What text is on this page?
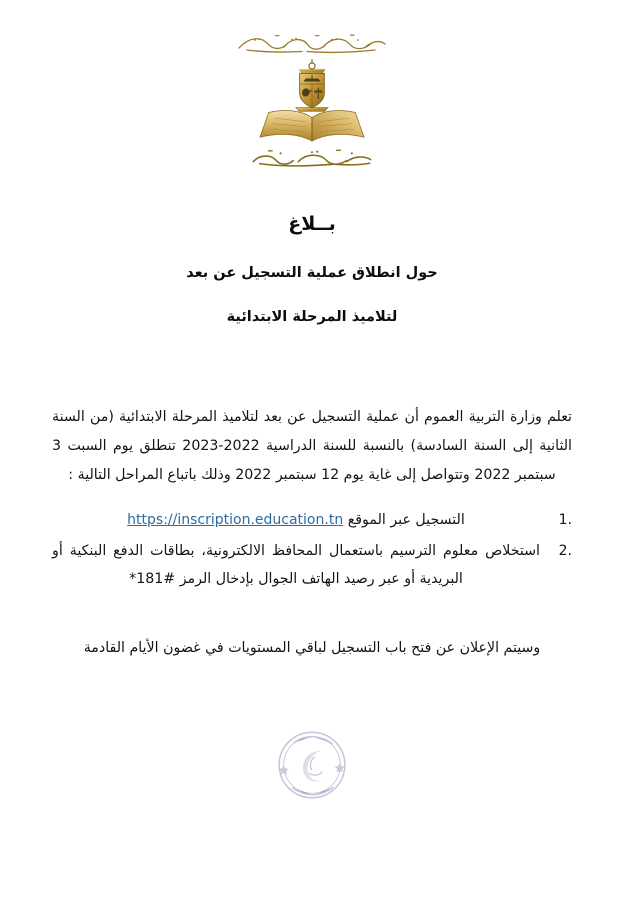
بــلاغ
حول انطلاق عملية التسجيل عن بعد
لتلاميذ المرحلة الابتدائية

تعلم وزارة التربية العموم أن عملية التسجيل عن بعد لتلاميذ المرحلة الابتدائية (من السنة الثانية إلى السنة السادسة) بالنسبة للسنة الدراسية 2022-2023 تنطلق يوم السبت 3 سبتمبر 2022 وتتواصل إلى غاية يوم 12 سبتمبر 2022 وذلك باتباع المراحل التالية :

1.
التسجيل عبر الموقع https://inscription.education.tn
2.
استخلاص معلوم الترسيم باستعمال المحافظ الالكترونية، بطاقات الدفع البنكية أو البريدية أو عبر رصيد الهاتف الجوال بإدخال الرمز *181#

وسيتم الإعلان عن فتح باب التسجيل لباقي المستويات في غضون الأيام القادمة
